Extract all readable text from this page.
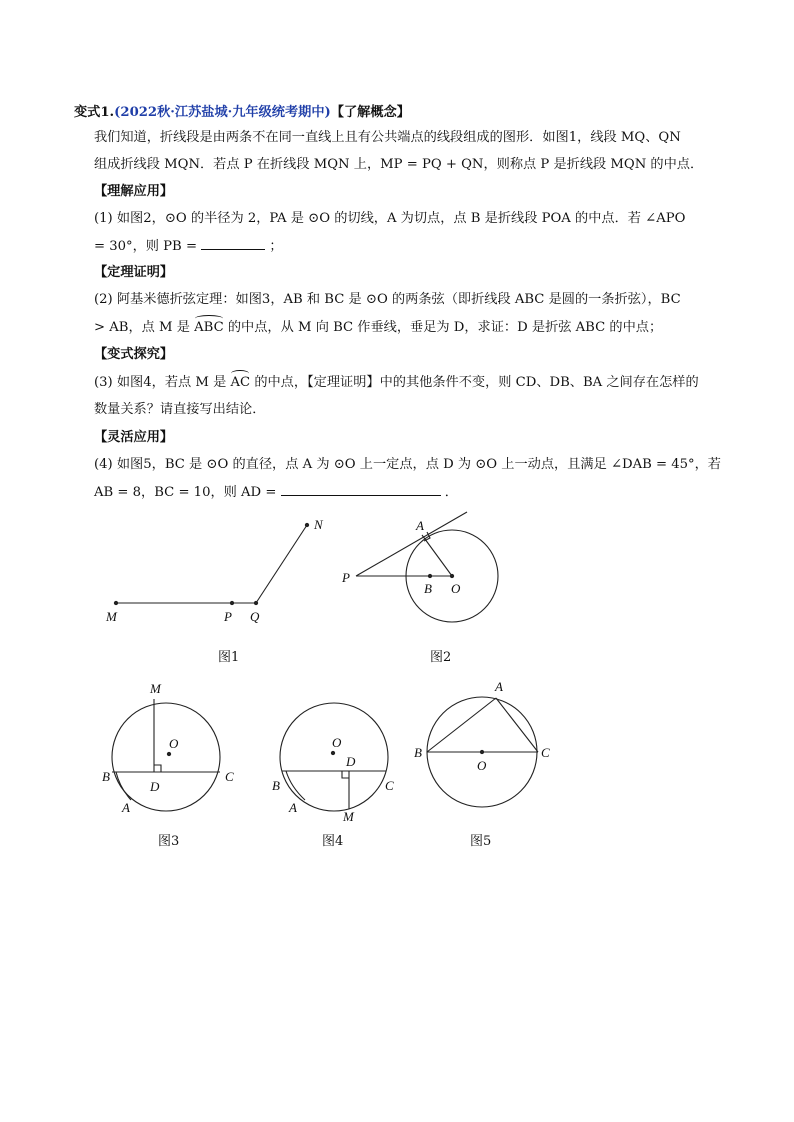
变式1.(2022秋·江苏盐城·九年级统考期中)【了解概念】
我们知道，折线段是由两条不在同一直线上且有公共端点的线段组成的图形．如图1，线段 MQ、QN
组成折线段 MQN．若点 P 在折线段 MQN 上，MP = PQ + QN，则称点 P 是折线段 MQN 的中点．
【理解应用】
(1) 如图2，⊙O 的半径为 2，PA 是 ⊙O 的切线，A 为切点，点 B 是折线段 POA 的中点．若 ∠APO
= 30°，则 PB =	；
【定理证明】
(2) 阿基米德折弦定理：如图3，AB 和 BC 是 ⊙O 的两条弦（即折线段 ABC 是圆的一条折弦），BC
> AB，点 M 是 ABC 的中点，从 M 向 BC 作垂线，垂足为 D，求证：D 是折弦 ABC 的中点；
【变式探究】
(3) 如图4，若点 M 是 AC 的中点，【定理证明】中的其他条件不变，则 CD、DB、BA 之间存在怎样的
数量关系？请直接写出结论．
【灵活应用】
(4) 如图5，BC 是 ⊙O 的直径，点 A 为 ⊙O 上一定点，点 D 为 ⊙O 上一动点，且满足 ∠DAB = 45°，若
AB = 8，BC = 10，则 AD =	．
M	P Q
N
图1
A
P
B O
图2
M
O
B
D
C
A
图3
O
D
B	C
A
M
图4
A
B	C
O
图5
